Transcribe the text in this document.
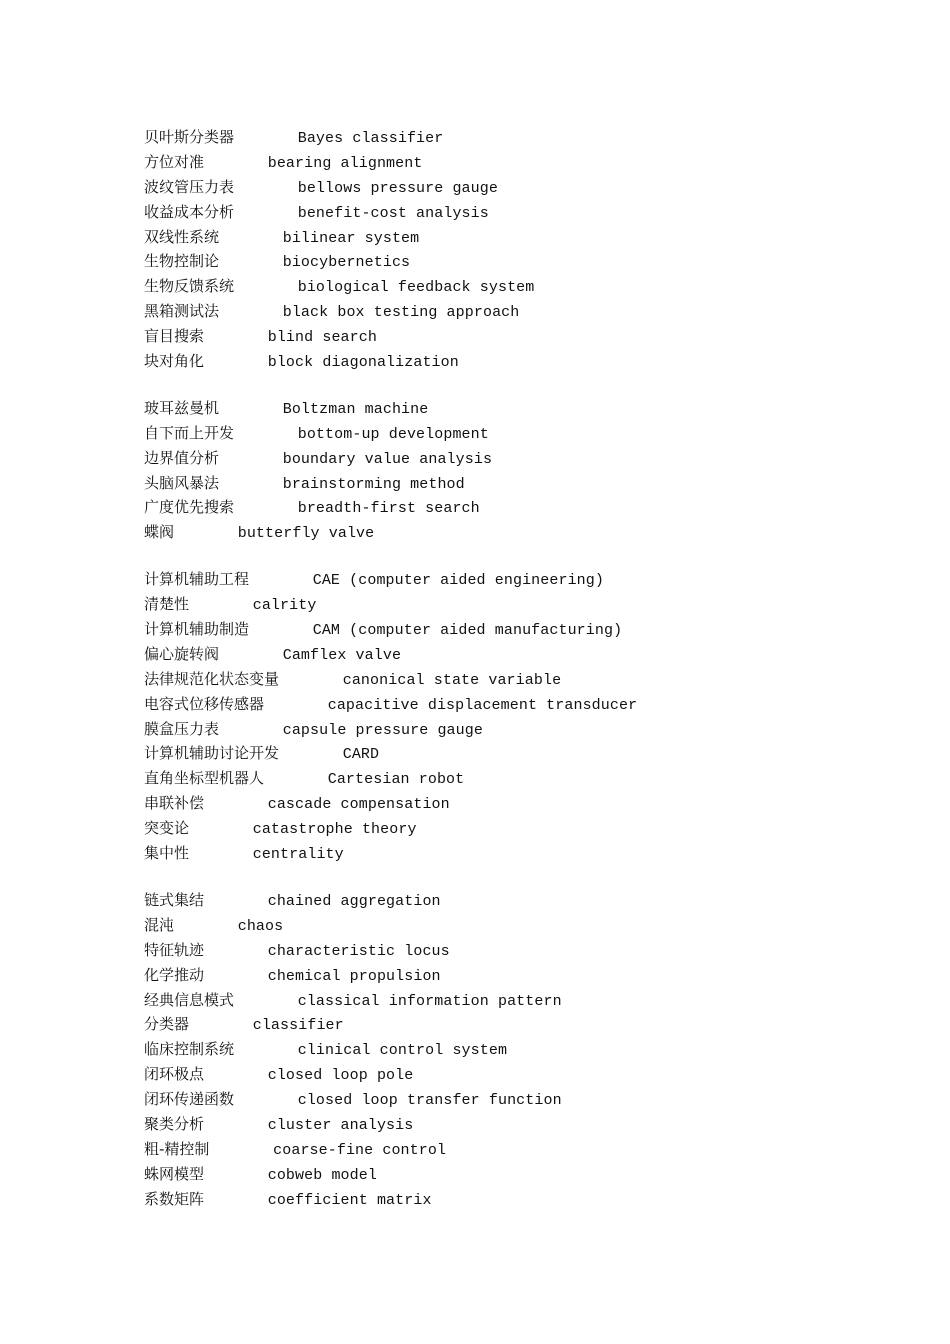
贝叶斯分类器	Bayes classifier
方位对准	bearing alignment
波纹管压力表	bellows pressure gauge
收益成本分析	benefit-cost analysis
双线性系统	bilinear system
生物控制论	biocybernetics
生物反馈系统	biological feedback system
黑箱测试法	black box testing approach
盲目搜索	blind search
块对角化	block diagonalization
玻耳兹曼机	Boltzman machine
自下而上开发	bottom-up development
边界值分析	boundary value analysis
头脑风暴法	brainstorming method
广度优先搜索	breadth-first search
蝶阀	butterfly valve
计算机辅助工程	CAE (computer aided engineering)
清楚性	calrity
计算机辅助制造	CAM (computer aided manufacturing)
偏心旋转阀	Camflex valve
法律规范化状态变量	canonical state variable
电容式位移传感器	capacitive displacement transducer
膜盒压力表	capsule pressure gauge
计算机辅助讨论开发	CARD
直角坐标型机器人	Cartesian robot
串联补偿	cascade compensation
突变论	catastrophe theory
集中性	centrality
链式集结	chained aggregation
混沌	chaos
特征轨迹	characteristic locus
化学推动	chemical propulsion
经典信息模式	classical information pattern
分类器	classifier
临床控制系统	clinical control system
闭环极点	closed loop pole
闭环传递函数	closed loop transfer function
聚类分析	cluster analysis
粗-精控制	coarse-fine control
蛛网模型	cobweb model
系数矩阵	coefficient matrix
